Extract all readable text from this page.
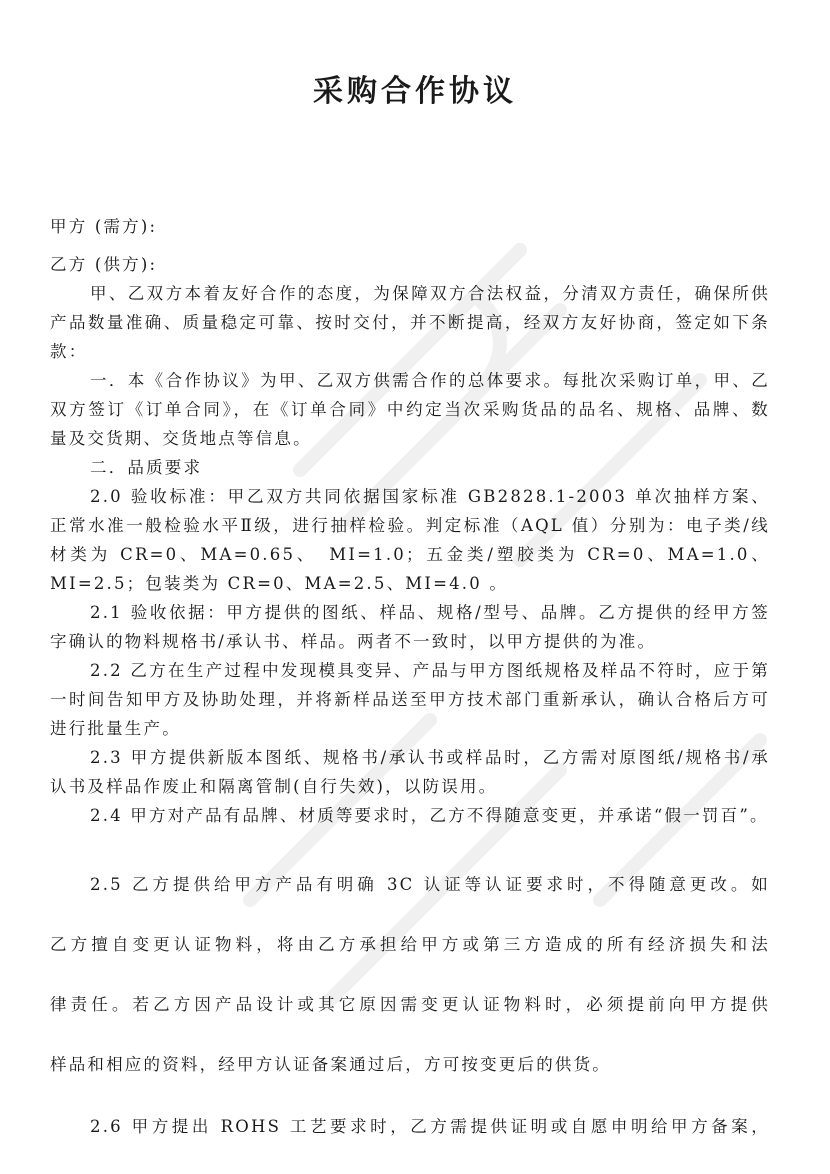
采购合作协议

甲方 (需方):

乙方 (供方):

甲、乙双方本着友好合作的态度，为保障双方合法权益，分清双方责任，确保所供产品数量准确、质量稳定可靠、按时交付，并不断提高，经双方友好协商，签定如下条款：

一．本《合作协议》为甲、乙双方供需合作的总体要求。每批次采购订单，甲、乙双方签订《订单合同》，在《订单合同》中约定当次采购货品的品名、规格、品牌、数量及交货期、交货地点等信息。

二．品质要求

2.0 验收标准：甲乙双方共同依据国家标准 GB2828.1-2003 单次抽样方案、正常水准一般检验水平Ⅱ级，进行抽样检验。判定标准（AQL 值）分别为：电子类/线材类为 CR=0、MA=0.65、　MI=1.0；五金类/塑胶类为 CR=0、MA=1.0、MI=2.5；包装类为 CR=0、MA=2.5、MI=4.0 。

2.1 验收依据：甲方提供的图纸、样品、规格/型号、品牌。乙方提供的经甲方签字确认的物料规格书/承认书、样品。两者不一致时，以甲方提供的为准。

2.2 乙方在生产过程中发现模具变异、产品与甲方图纸规格及样品不符时，应于第一时间告知甲方及协助处理，并将新样品送至甲方技术部门重新承认，确认合格后方可进行批量生产。

2.3 甲方提供新版本图纸、规格书/承认书或样品时，乙方需对原图纸/规格书/承认书及样品作废止和隔离管制(自行失效)，以防误用。

2.4 甲方对产品有品牌、材质等要求时，乙方不得随意变更，并承诺“假一罚百”。

2.5 乙方提供给甲方产品有明确 3C 认证等认证要求时，不得随意更改。如

乙方擅自变更认证物料，将由乙方承担给甲方或第三方造成的所有经济损失和法

律责任。若乙方因产品设计或其它原因需变更认证物料时，必须提前向甲方提供

样品和相应的资料，经甲方认证备案通过后，方可按变更后的供货。

2.6 甲方提出 ROHS 工艺要求时，乙方需提供证明或自愿申明给甲方备案，
